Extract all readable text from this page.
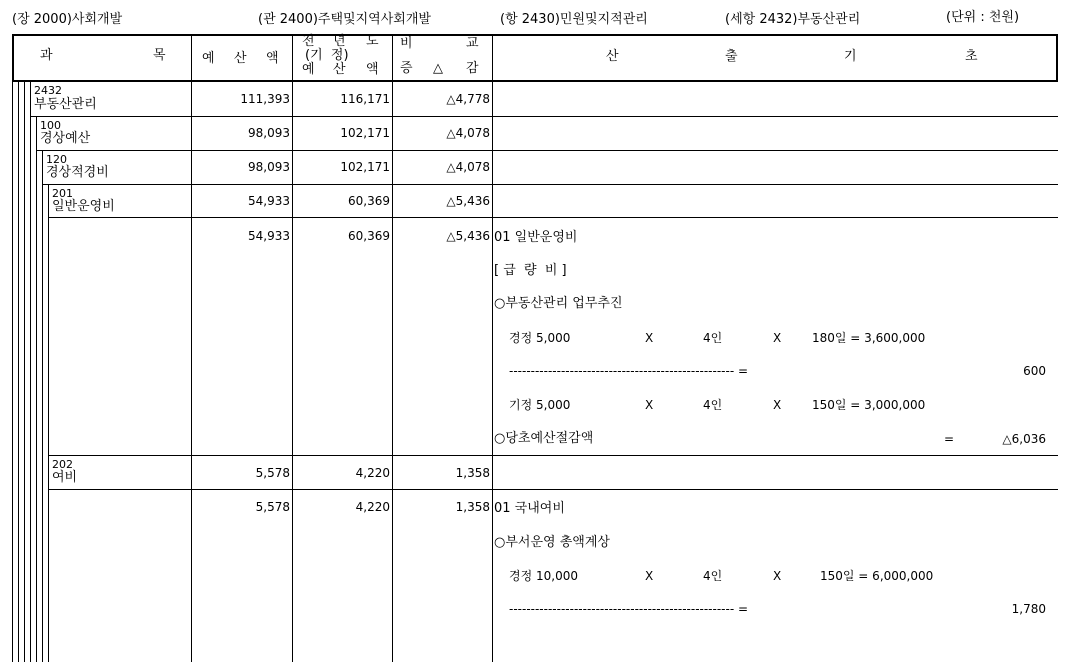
(장 2000)사회개발	(관 2400)주택및지역사회개발	(항 2430)민원및지적관리	(세항 2432)부동산관리	(단위 : 천원)
과	목	예 산 액
전 년 도
(기  정)
예 산 액
비	교
증 △ 감
산	출	기	초
2432
부동산관리	111,393	116,171	△4,778
100
경상예산	98,093	102,171	△4,078
120
경상적경비	98,093	102,171	△4,078
201
일반운영비	54,933	60,369	△5,436
54,933	60,369	△5,436 01 일반운영비
[ 급  량  비 ]
○부동산관리 업무추진
경정 5,000	X	4인	X	180일 = 3,600,000
---------------------------------------------------- =	600
기정 5,000	X	4인	X	150일 = 3,000,000
○당초예산절감액	=	△6,036
202
여비	5,578	4,220	1,358
5,578	4,220	1,358 01 국내여비
○부서운영 총액계상
경정 10,000	X	4인	X	150일 = 6,000,000
---------------------------------------------------- =	1,780
